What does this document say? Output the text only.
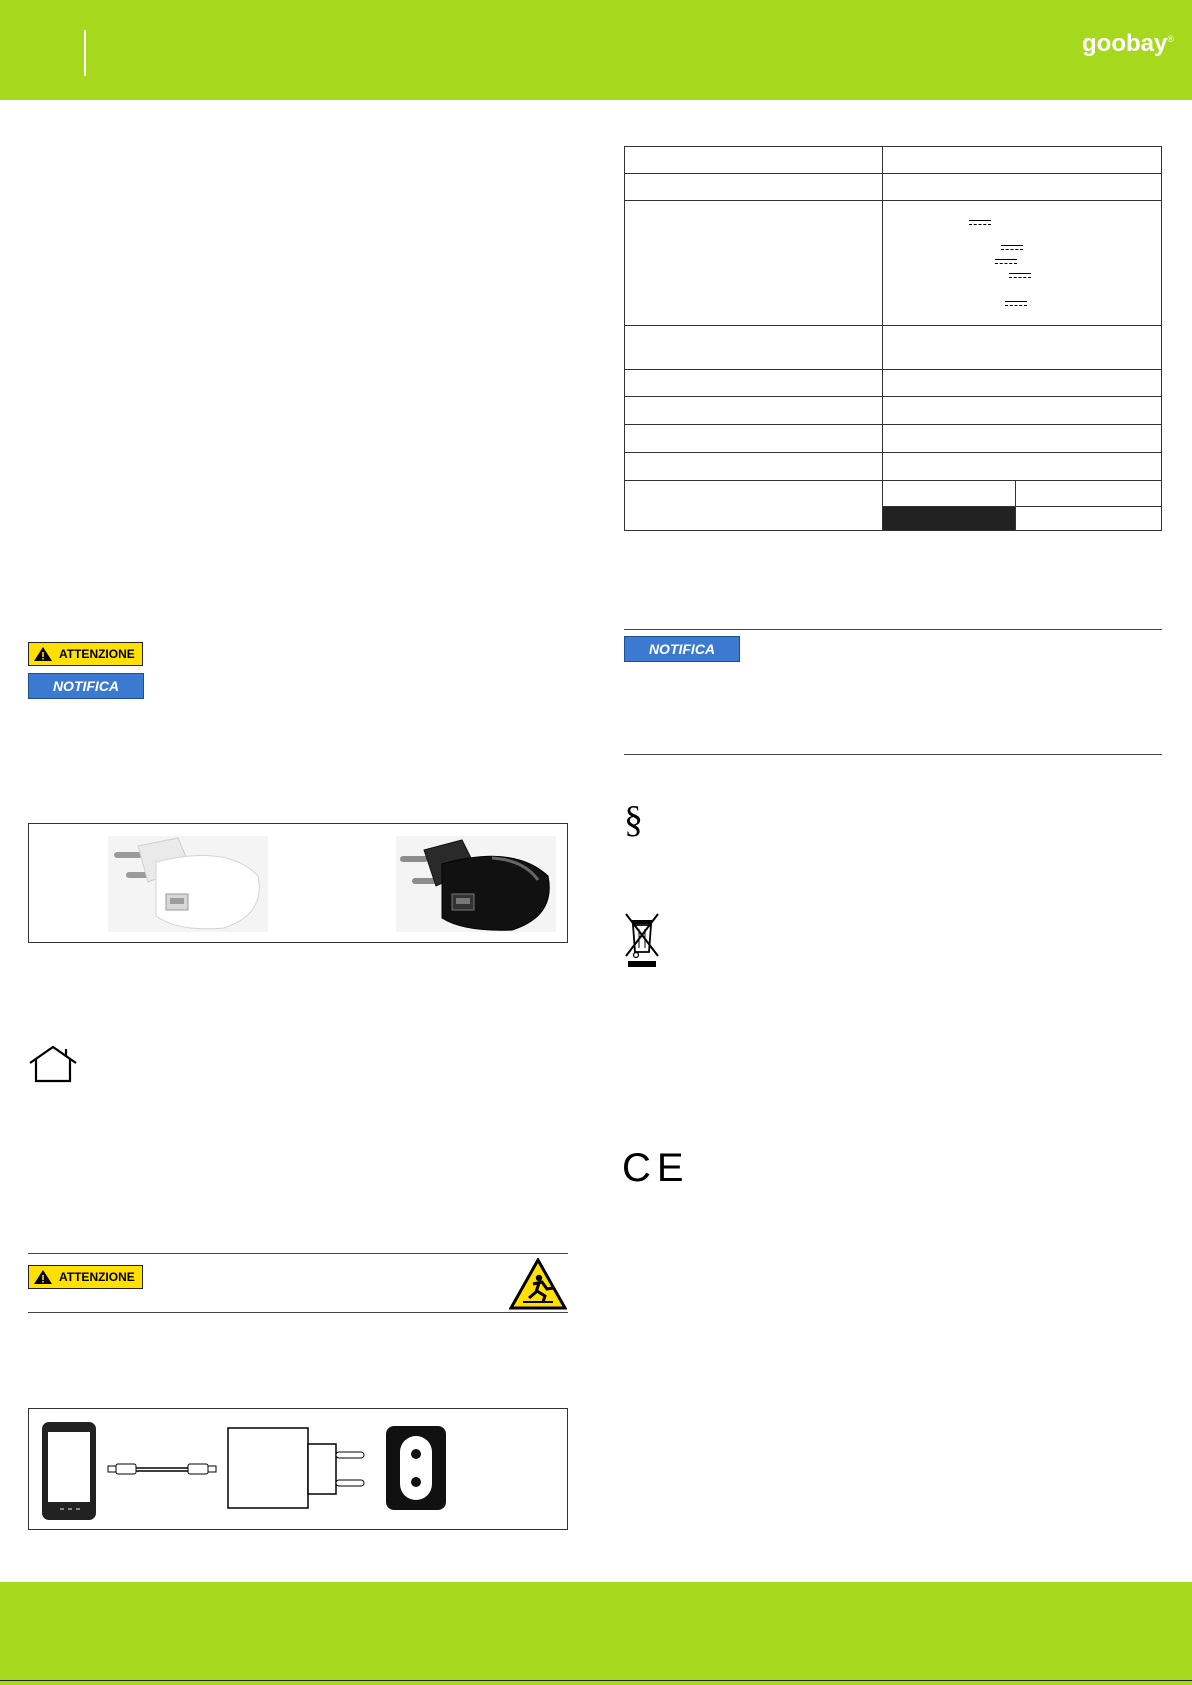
goobay®
ATTENZIONE
NOTIFICA
ATTENZIONE

NOTIFICA
§
CE
